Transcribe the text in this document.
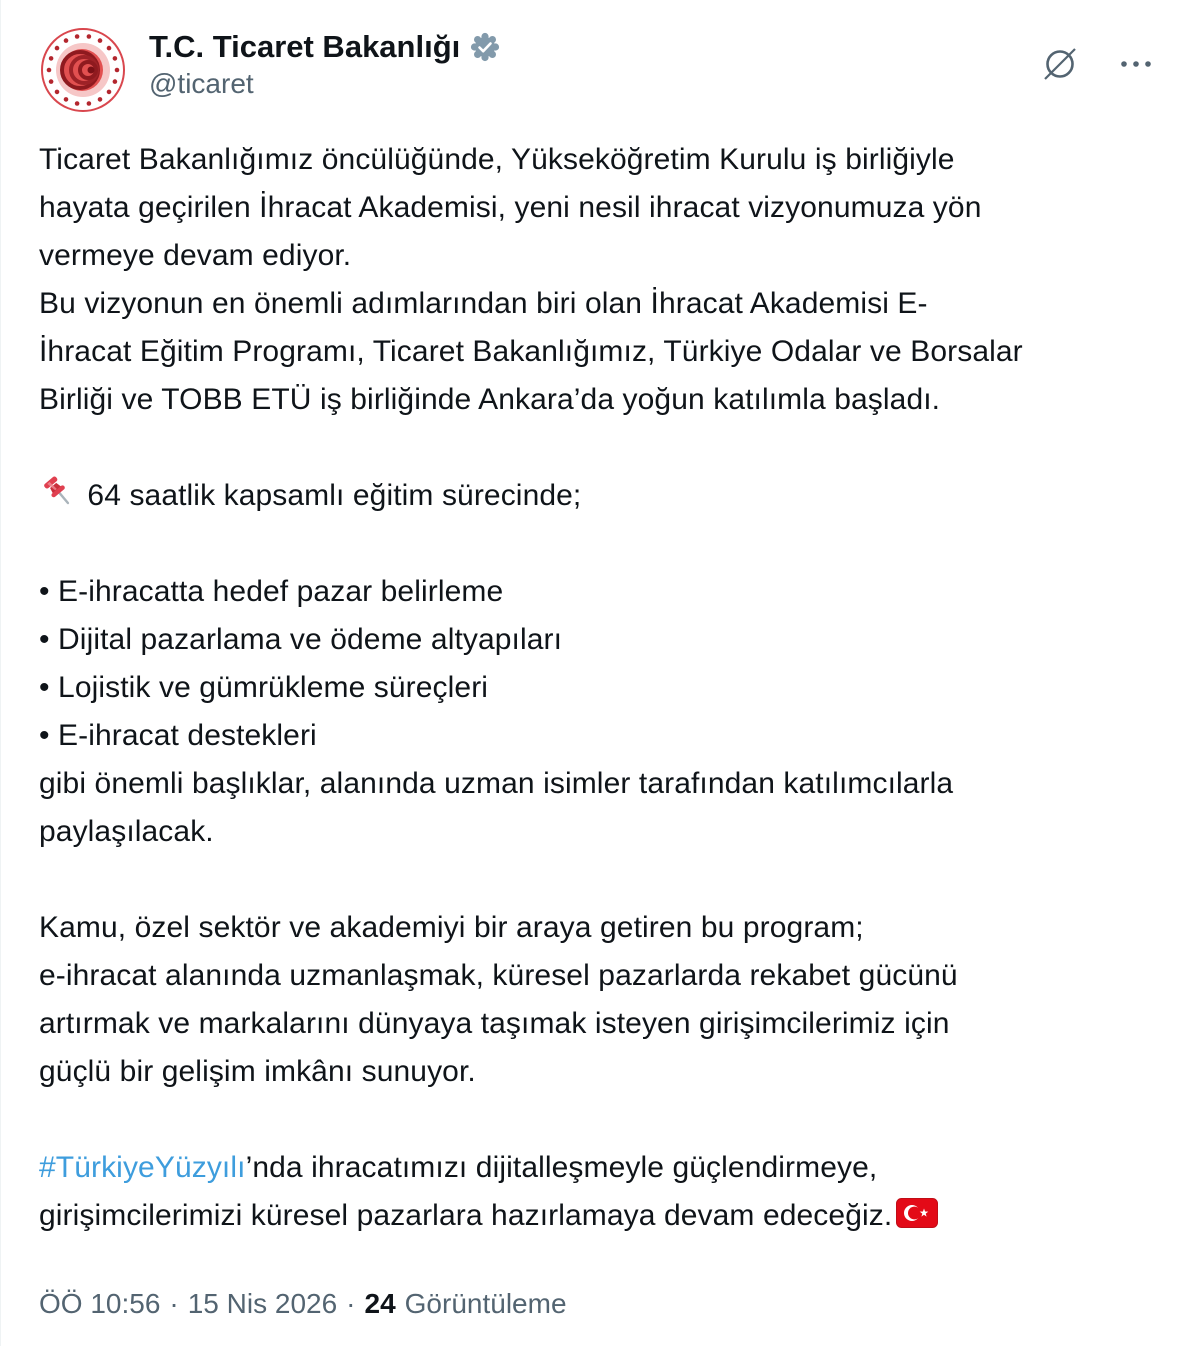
T.C. Ticaret Bakanlığı
@ticaret
Ticaret Bakanlığımız öncülüğünde, Yükseköğretim Kurulu iş birliğiyle
hayata geçirilen İhracat Akademisi, yeni nesil ihracat vizyonumuza yön
vermeye devam ediyor.
Bu vizyonun en önemli adımlarından biri olan İhracat Akademisi E-
İhracat Eğitim Programı, Ticaret Bakanlığımız, Türkiye Odalar ve Borsalar
Birliği ve TOBB ETÜ iş birliğinde Ankara’da yoğun katılımla başladı.
64 saatlik kapsamlı eğitim sürecinde;
• E-ihracatta hedef pazar belirleme
• Dijital pazarlama ve ödeme altyapıları
• Lojistik ve gümrükleme süreçleri
• E-ihracat destekleri
gibi önemli başlıklar, alanında uzman isimler tarafından katılımcılarla
paylaşılacak.
Kamu, özel sektör ve akademiyi bir araya getiren bu program;
e-ihracat alanında uzmanlaşmak, küresel pazarlarda rekabet gücünü
artırmak ve markalarını dünyaya taşımak isteyen girişimcilerimiz için
güçlü bir gelişim imkânı sunuyor.
#TürkiyeYüzyılı’nda ihracatımızı dijitalleşmeyle güçlendirmeye,
girişimcilerimizi küresel pazarlara hazırlamaya devam edeceğiz.
ÖÖ 10:56 · 15 Nis 2026 · 24 Görüntüleme
